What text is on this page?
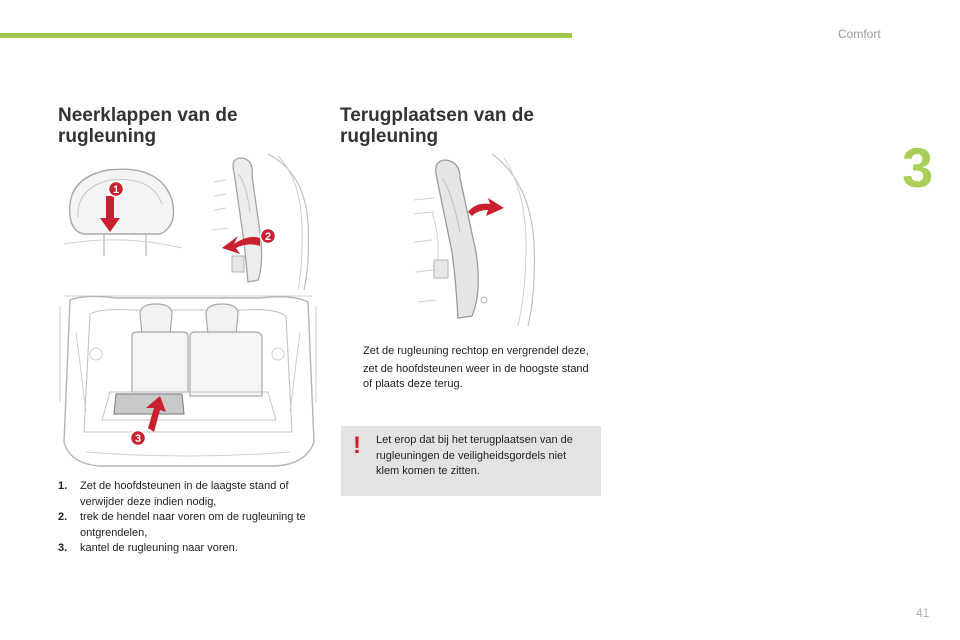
Comfort
3
41
Neerklappen van de rugleuning
Terugplaatsen van de rugleuning
1
2
3
1. Zet de hoofdsteunen in de laagste stand of verwijder deze indien nodig,
2. trek de hendel naar voren om de rugleuning te ontgrendelen,
3. kantel de rugleuning naar voren.
Zet de rugleuning rechtop en vergrendel deze,
zet de hoofdsteunen weer in de hoogste stand of plaats deze terug.
! Let erop dat bij het terugplaatsen van de rugleuningen de veiligheidsgordels niet klem komen te zitten.
